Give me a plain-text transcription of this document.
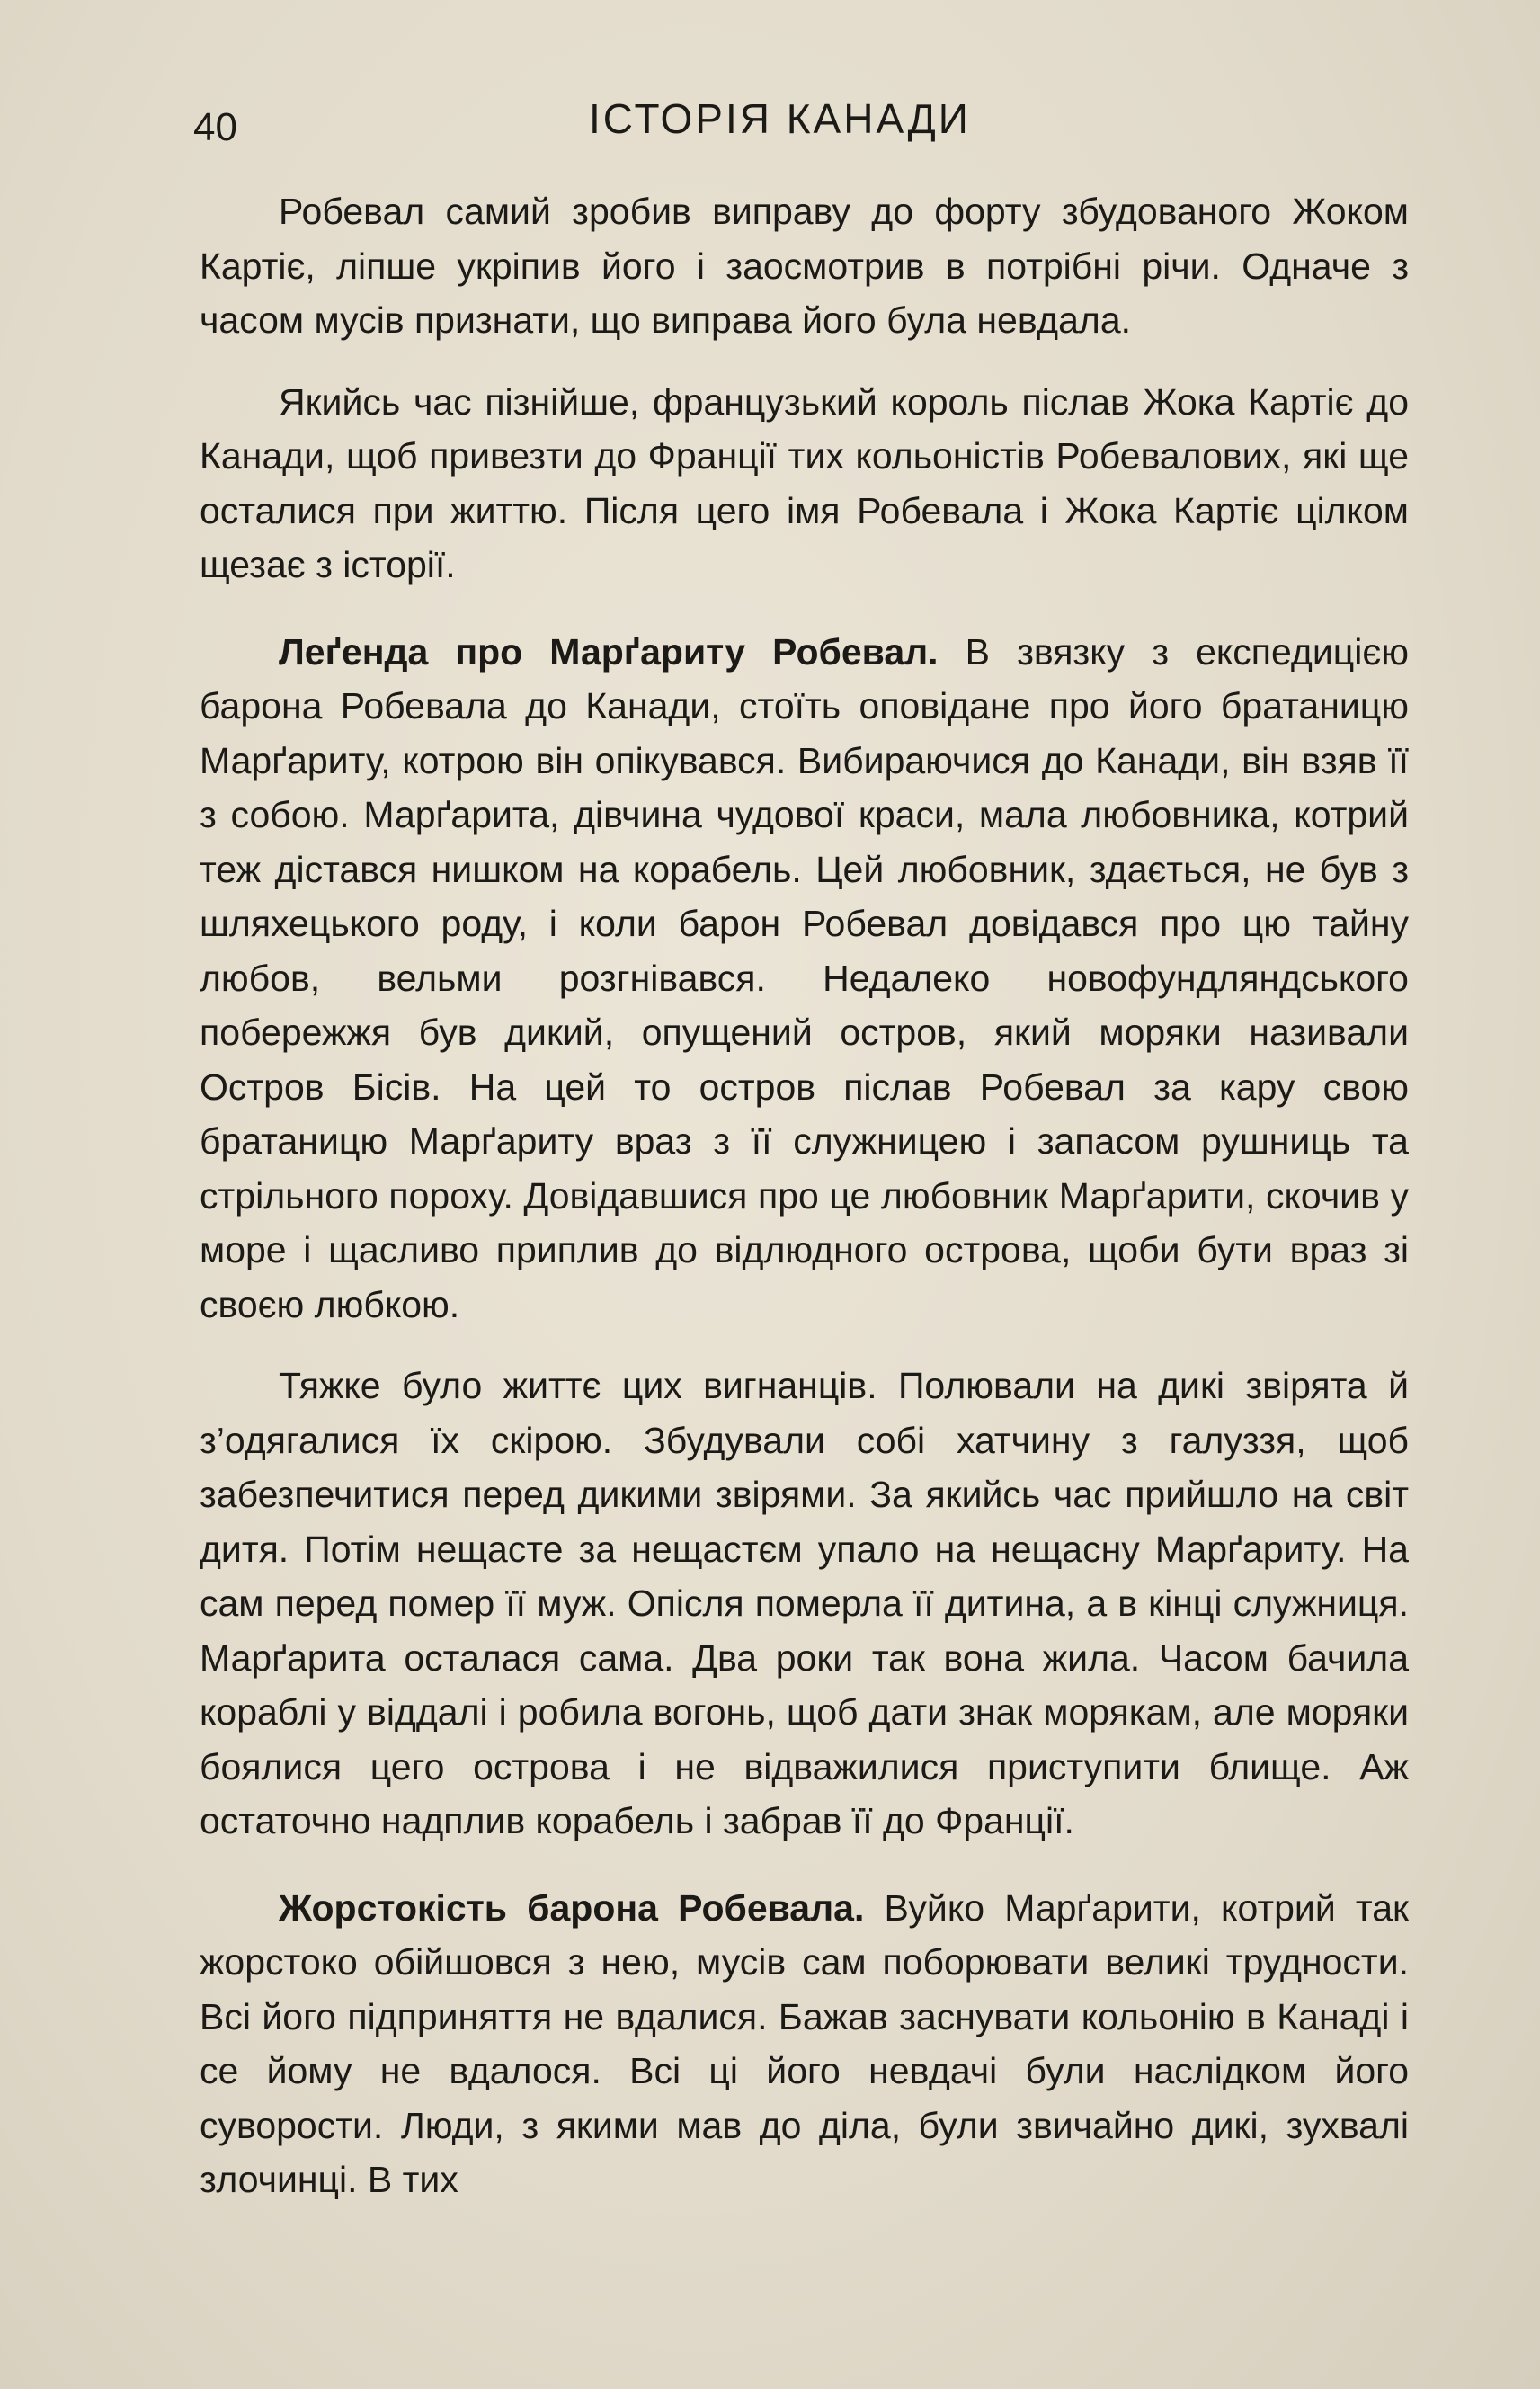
40	ІСТОРІЯ КАНАДИ

Робевал самий зробив виправу до форту збудованого Жоком Картіє, ліпше укріпив його і заосмотрив в потрібні річи. Одначе з часом мусів признати, що виправа його була невдала.

Якийсь час пізнійше, французький король післав Жока Картіє до Канади, щоб привезти до Франції тих кольоністів Робевалових, які ще осталися при життю. Після цего імя Робевала і Жока Картіє цілком щезає з історії.

Леґенда про Марґариту Робевал. В звязку з експедицією барона Робевала до Канади, стоїть оповідане про його братаницю Марґариту, котрою він опікувався. Вибираючися до Канади, він взяв її з собою. Марґарита, дівчина чудової краси, мала любовника, котрий теж дістався нишком на корабель. Цей любовник, здається, не був з шляхецького роду, і коли барон Робевал довідався про цю тайну любов, вельми розгнівався. Недалеко новофундляндського побережжя був дикий, опущений остров, який моряки називали Остров Бісів. На цей то остров післав Робевал за кару свою братаницю Марґариту враз з її служницею і запасом рушниць та стрільного пороху. Довідавшися про це любовник Марґарити, скочив у море і щасливо приплив до відлюдного острова, щоби бути враз зі своєю любкою.

Тяжке було життє цих вигнанців. Полювали на дикі звірята й з’одягалися їх скірою. Збудували собі хатчину з галуззя, щоб забезпечитися перед дикими звірями. За якийсь час прийшло на світ дитя. Потім нещасте за нещастєм упало на нещасну Марґариту. На сам перед помер її муж. Опісля померла її дитина, а в кінці служниця. Марґарита осталася сама. Два роки так вона жила. Часом бачила кораблі у віддалі і робила вогонь, щоб дати знак морякам, але моряки боялися цего острова і не відважилися приступити блище. Аж остаточно надплив корабель і забрав її до Франції.

Жорстокість барона Робевала. Вуйко Марґарити, котрий так жорстоко обійшовся з нею, мусів сам поборювати великі трудности. Всі його підприняття не вдалися. Бажав заснувати кольонію в Канаді і се йому не вдалося. Всі ці його невдачі були наслідком його суворости. Люди, з якими мав до діла, були звичайно дикі, зухвалі злочинці. В тих
